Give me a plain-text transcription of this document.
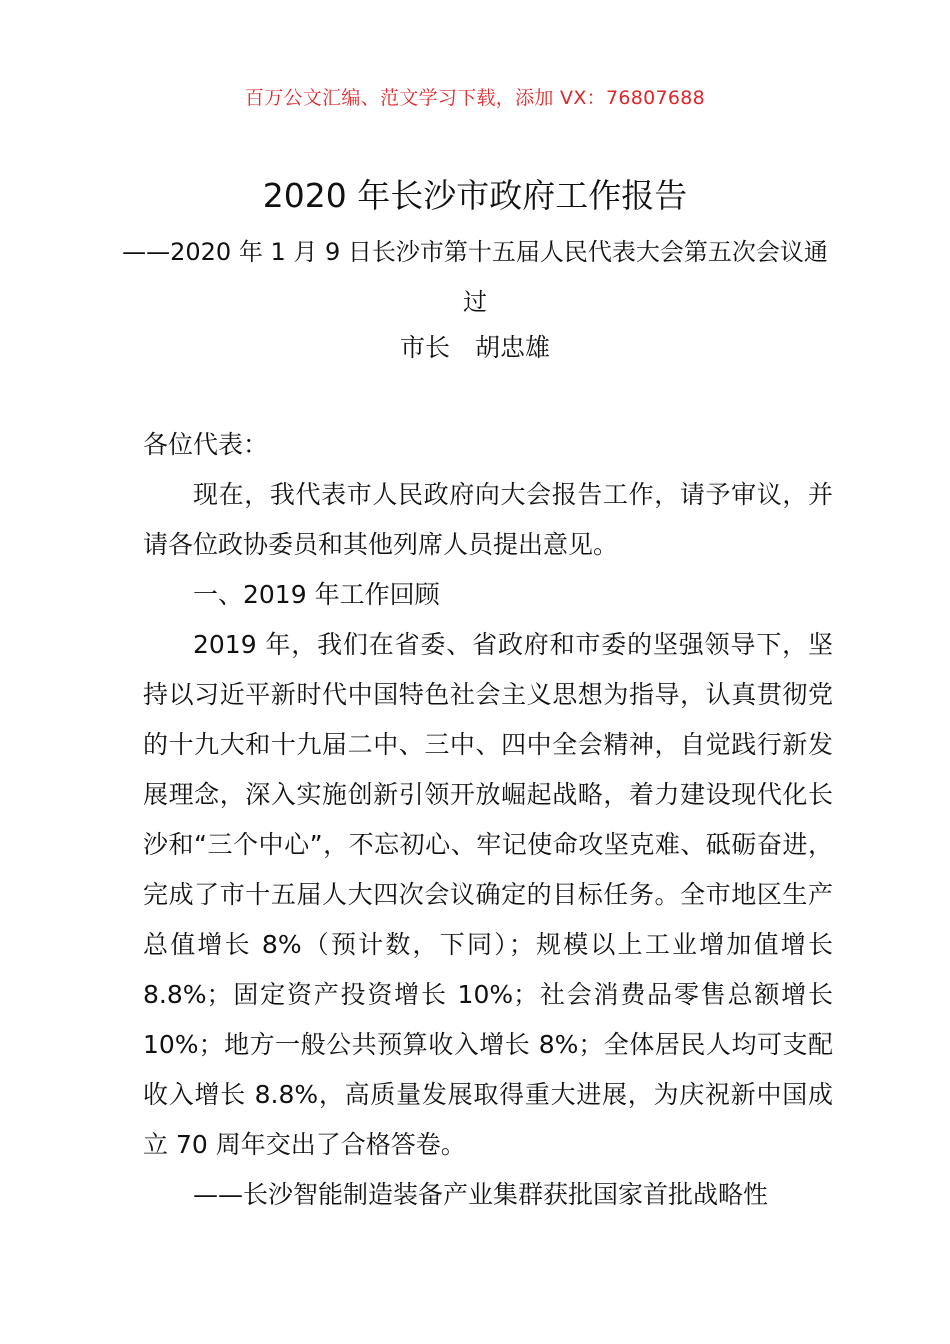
百万公文汇编、范文学习下载，添加 VX：76807688
2020 年长沙市政府工作报告
——2020 年 1 月 9 日长沙市第十五届人民代表大会第五次会议通过
市长　胡忠雄

各位代表：

现在，我代表市人民政府向大会报告工作，请予审议，并请各位政协委员和其他列席人员提出意见。

一、2019 年工作回顾

2019 年，我们在省委、省政府和市委的坚强领导下，坚持以习近平新时代中国特色社会主义思想为指导，认真贯彻党的十九大和十九届二中、三中、四中全会精神，自觉践行新发展理念，深入实施创新引领开放崛起战略，着力建设现代化长沙和“三个中心”，不忘初心、牢记使命攻坚克难、砥砺奋进，完成了市十五届人大四次会议确定的目标任务。全市地区生产总值增长 8%（预计数，下同）；规模以上工业增加值增长 8.8%；固定资产投资增长 10%；社会消费品零售总额增长 10%；地方一般公共预算收入增长 8%；全体居民人均可支配收入增长 8.8%，高质量发展取得重大进展，为庆祝新中国成立 70 周年交出了合格答卷。

——长沙智能制造装备产业集群获批国家首批战略性
